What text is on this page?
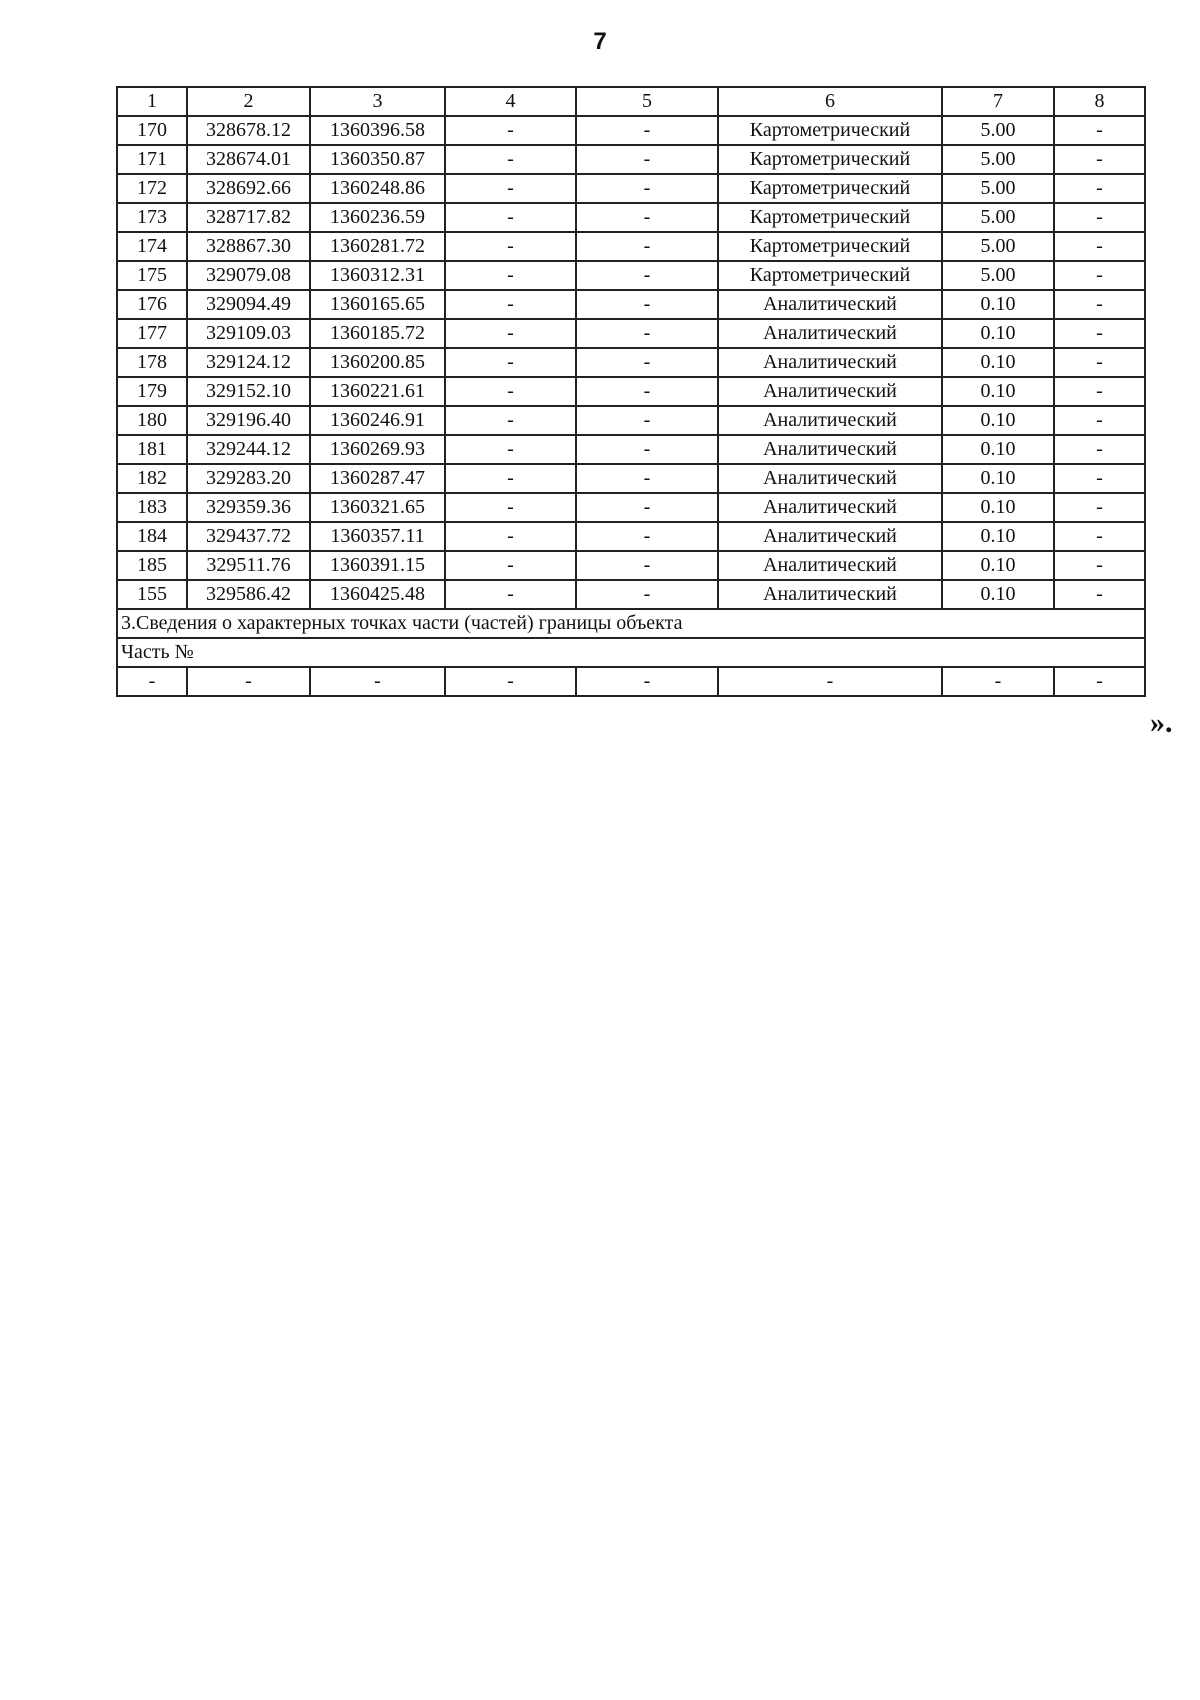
7
1	2	3	4	5	6	7	8
170	328678.12	1360396.58	-	-	Картометрический	5.00	-
171	328674.01	1360350.87	-	-	Картометрический	5.00	-
172	328692.66	1360248.86	-	-	Картометрический	5.00	-
173	328717.82	1360236.59	-	-	Картометрический	5.00	-
174	328867.30	1360281.72	-	-	Картометрический	5.00	-
175	329079.08	1360312.31	-	-	Картометрический	5.00	-
176	329094.49	1360165.65	-	-	Аналитический	0.10	-
177	329109.03	1360185.72	-	-	Аналитический	0.10	-
178	329124.12	1360200.85	-	-	Аналитический	0.10	-
179	329152.10	1360221.61	-	-	Аналитический	0.10	-
180	329196.40	1360246.91	-	-	Аналитический	0.10	-
181	329244.12	1360269.93	-	-	Аналитический	0.10	-
182	329283.20	1360287.47	-	-	Аналитический	0.10	-
183	329359.36	1360321.65	-	-	Аналитический	0.10	-
184	329437.72	1360357.11	-	-	Аналитический	0.10	-
185	329511.76	1360391.15	-	-	Аналитический	0.10	-
155	329586.42	1360425.48	-	-	Аналитический	0.10	-
3.Сведения о характерных точках части (частей) границы объекта							
Часть №							
-	-	-	-	-	-	-	-
».
